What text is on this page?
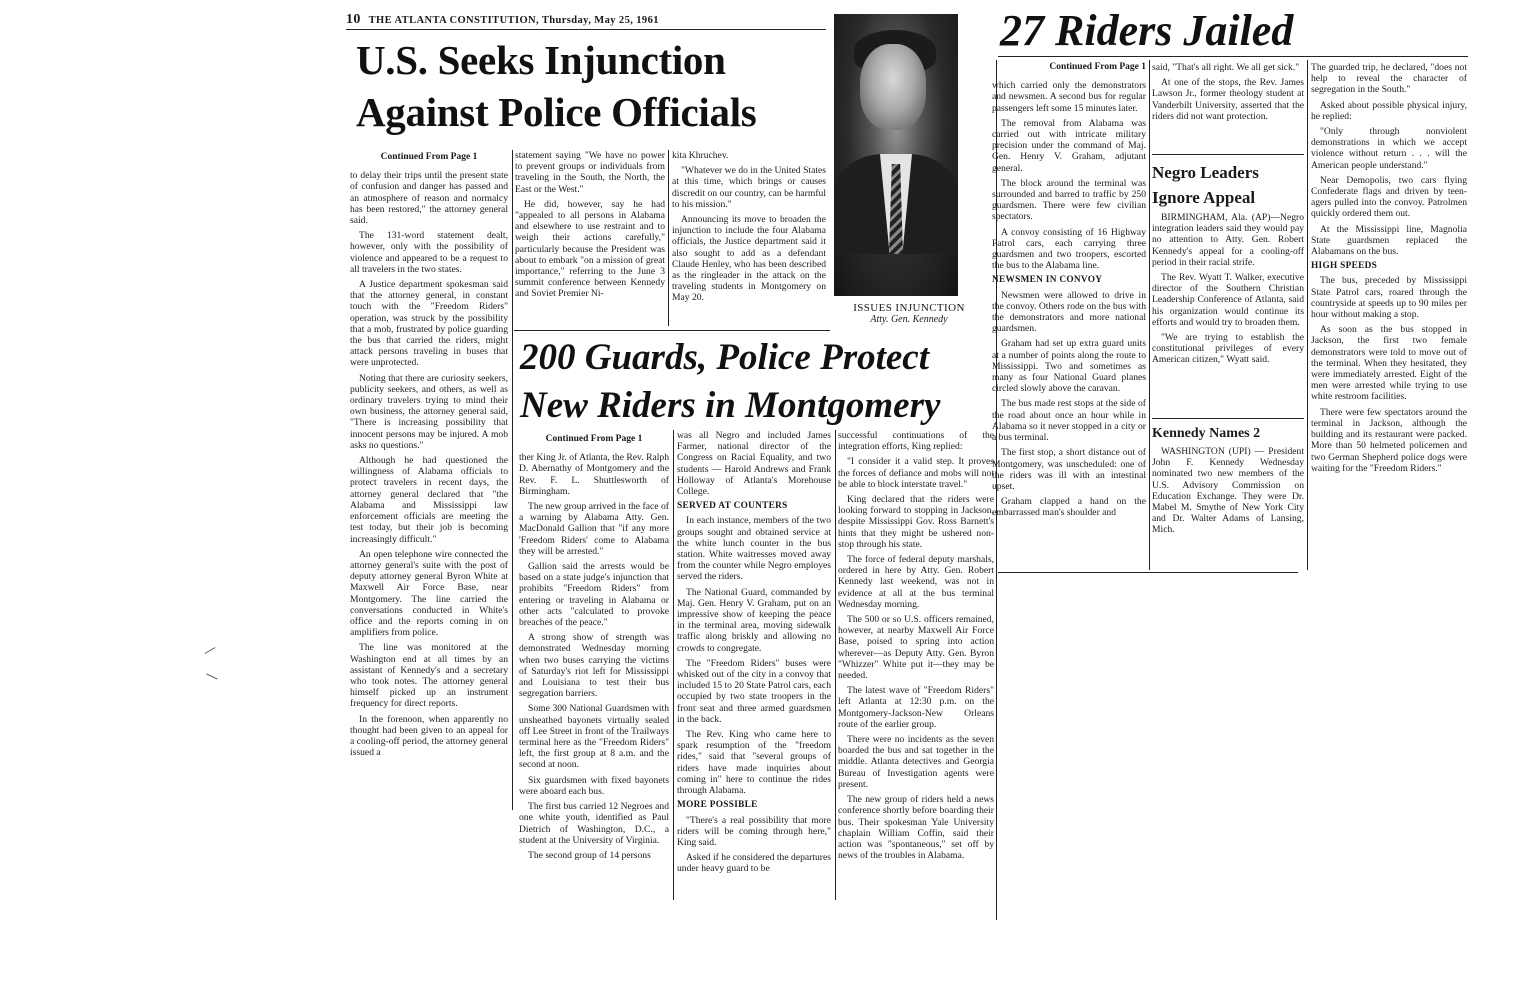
10 THE ATLANTA CONSTITUTION, Thursday, May 25, 1961
U.S. Seeks Injunction
Against Police Officials
Continued From Page 1

to delay their trips until the present state of confusion and danger has passed and an atmosphere of reason and normalcy has been restored," the attorney general said.

The 131-word statement dealt, however, only with the possibility of violence and appeared to be a request to all travelers in the two states.

A Justice department spokesman said that the attorney general, in constant touch with the "Freedom Riders" operation, was struck by the possibility that a mob, frustrated by police guarding the bus that carried the riders, might attack persons traveling in buses that were unprotected.

Noting that there are curiosity seekers, publicity seekers, and others, as well as ordinary travelers trying to mind their own business, the attorney general said, "There is increasing possibility that innocent persons may be injured. A mob asks no questions."

Although he had questioned the willingness of Alabama officials to protect travelers in recent days, the attorney general declared that "the Alabama and Mississippi law enforcement officials are meeting the test today, but their job is becoming increasingly difficult."

An open telephone wire connected the attorney general's suite with the post of deputy attorney general Byron White at Maxwell Air Force Base, near Montgomery. The line carried the conversations conducted in White's office and the reports coming in on amplifiers from police.

The line was monitored at the Washington end at all times by an assistant of Kennedy's and a secretary who took notes. The attorney general himself picked up an instrument frequency for direct reports.

In the forenoon, when apparently no thought had been given to an appeal for a cooling-off period, the attorney general issued a

statement saying "We have no power to prevent groups or individuals from traveling in the South, the North, the East or the West."

He did, however, say he had "appealed to all persons in Alabama and elsewhere to use restraint and to weigh their actions carefully," particularly because the President was about to embark "on a mission of great importance," referring to the June 3 summit conference between Kennedy and Soviet Premier Ni-

kita Khruchev.

"Whatever we do in the United States at this time, which brings or causes discredit on our country, can be harmful to his mission."

Announcing its move to broaden the injunction to include the four Alabama officials, the Justice department said it also sought to add as a defendant Claude Henley, who has been described as the ringleader in the attack on the traveling students in Montgomery on May 20.

ISSUES INJUNCTION
Atty. Gen. Kennedy
200 Guards, Police Protect
New Riders in Montgomery
Continued From Page 1

ther King Jr. of Atlanta, the Rev. Ralph D. Abernathy of Montgomery and the Rev. F. L. Shuttlesworth of Birmingham.

The new group arrived in the face of a warning by Alabama Atty. Gen. MacDonald Gallion that "if any more 'Freedom Riders' come to Alabama they will be arrested."

Gallion said the arrests would be based on a state judge's injunction that prohibits "Freedom Riders" from entering or traveling in Alabama or other acts "calculated to provoke breaches of the peace."

A strong show of strength was demonstrated Wednesday morning when two buses carrying the victims of Saturday's riot left for Mississippi and Louisiana to test their bus segregation barriers.

Some 300 National Guardsmen with unsheathed bayonets virtually sealed off Lee Street in front of the Trailways terminal here as the "Freedom Riders" left, the first group at 8 a.m. and the second at noon.

Six guardsmen with fixed bayonets were aboard each bus.

The first bus carried 12 Negroes and one white youth, identified as Paul Dietrich of Washington, D.C., a student at the University of Virginia.

The second group of 14 persons

was all Negro and included James Farmer, national director of the Congress on Racial Equality, and two students — Harold Andrews and Frank Holloway of Atlanta's Morehouse College.

SERVED AT COUNTERS

In each instance, members of the two groups sought and obtained service at the white lunch counter in the bus station. White waitresses moved away from the counter while Negro employes served the riders.

The National Guard, commanded by Maj. Gen. Henry V. Graham, put on an impressive show of keeping the peace in the terminal area, moving sidewalk traffic along briskly and allowing no crowds to congregate.

The "Freedom Riders" buses were whisked out of the city in a convoy that included 15 to 20 State Patrol cars, each occupied by two state troopers in the front seat and three armed guardsmen in the back.

The Rev. King who came here to spark resumption of the "freedom rides," said that "several groups of riders have made inquiries about coming in" here to continue the rides through Alabama.

MORE POSSIBLE

"There's a real possibility that more riders will be coming through here," King said.

Asked if he considered the departures under heavy guard to be

successful continuations of the integration efforts, King replied:

"I consider it a valid step. It proves the forces of defiance and mobs will not be able to block interstate travel."

King declared that the riders were looking forward to stopping in Jackson, despite Mississippi Gov. Ross Barnett's hints that they might be ushered non-stop through his state.

The force of federal deputy marshals, ordered in here by Atty. Gen. Robert Kennedy last weekend, was not in evidence at all at the bus terminal Wednesday morning.

The 500 or so U.S. officers remained, however, at nearby Maxwell Air Force Base, poised to spring into action wherever—as Deputy Atty. Gen. Byron "Whizzer" White put it—they may be needed.

The latest wave of "Freedom Riders" left Atlanta at 12:30 p.m. on the Montgomery-Jackson-New Orleans route of the earlier group.

There were no incidents as the seven boarded the bus and sat together in the middle. Atlanta detectives and Georgia Bureau of Investigation agents were present.

The new group of riders held a news conference shortly before boarding their bus. Their spokesman Yale University chaplain William Coffin, said their action was "spontaneous," set off by news of the troubles in Alabama.

27 Riders Jailed
Continued From Page 1

which carried only the demonstrators and newsmen. A second bus for regular passengers left some 15 minutes later.

The removal from Alabama was carried out with intricate military precision under the command of Maj. Gen. Henry V. Graham, adjutant general.

The block around the terminal was surrounded and barred to traffic by 250 guardsmen. There were few civilian spectators.

A convoy consisting of 16 Highway Patrol cars, each carrying three guardsmen and two troopers, escorted the bus to the Alabama line.

NEWSMEN IN CONVOY

Newsmen were allowed to drive in the convoy. Others rode on the bus with the demonstrators and more national guardsmen.

Graham had set up extra guard units at a number of points along the route to Mississippi. Two and sometimes as many as four National Guard planes circled slowly above the caravan.

The bus made rest stops at the side of the road about once an hour while in Alabama so it never stopped in a city or a bus terminal.

The first stop, a short distance out of Montgomery, was unscheduled: one of the riders was ill with an intestinal upset.

Graham clapped a hand on the embarrassed man's shoulder and

said, "That's all right. We all get sick."

At one of the stops, the Rev. James Lawson Jr., former theology student at Vanderbilt University, asserted that the riders did not want protection.

Negro Leaders
Ignore Appeal

BIRMINGHAM, Ala. (AP)—Negro integration leaders said they would pay no attention to Atty. Gen. Robert Kennedy's appeal for a cooling-off period in their racial strife.

The Rev. Wyatt T. Walker, executive director of the Southern Christian Leadership Conference of Atlanta, said his organization would continue its efforts and would try to broaden them.

"We are trying to establish the constitutional privileges of every American citizen," Wyatt said.

Kennedy Names 2

WASHINGTON (UPI) — President John F. Kennedy Wednesday nominated two new members of the U.S. Advisory Commission on Education Exchange. They were Dr. Mabel M. Smythe of New York City and Dr. Walter Adams of Lansing, Mich.

The guarded trip, he declared, "does not help to reveal the character of segregation in the South."

Asked about possible physical injury, he replied:

"Only through nonviolent demonstrations in which we accept violence without return . . . will the American people understand."

Near Demopolis, two cars flying Confederate flags and driven by teen-agers pulled into the convoy. Patrolmen quickly ordered them out.

At the Mississippi line, Magnolia State guardsmen replaced the Alabamans on the bus.

HIGH SPEEDS

The bus, preceded by Mississippi State Patrol cars, roared through the countryside at speeds up to 90 miles per hour without making a stop.

As soon as the bus stopped in Jackson, the first two female demonstrators were told to move out of the terminal. When they hesitated, they were immediately arrested. Eight of the men were arrested while trying to use white restroom facilities.

There were few spectators around the terminal in Jackson, although the building and its restaurant were packed. More than 50 helmeted policemen and two German Shepherd police dogs were waiting for the "Freedom Riders."
